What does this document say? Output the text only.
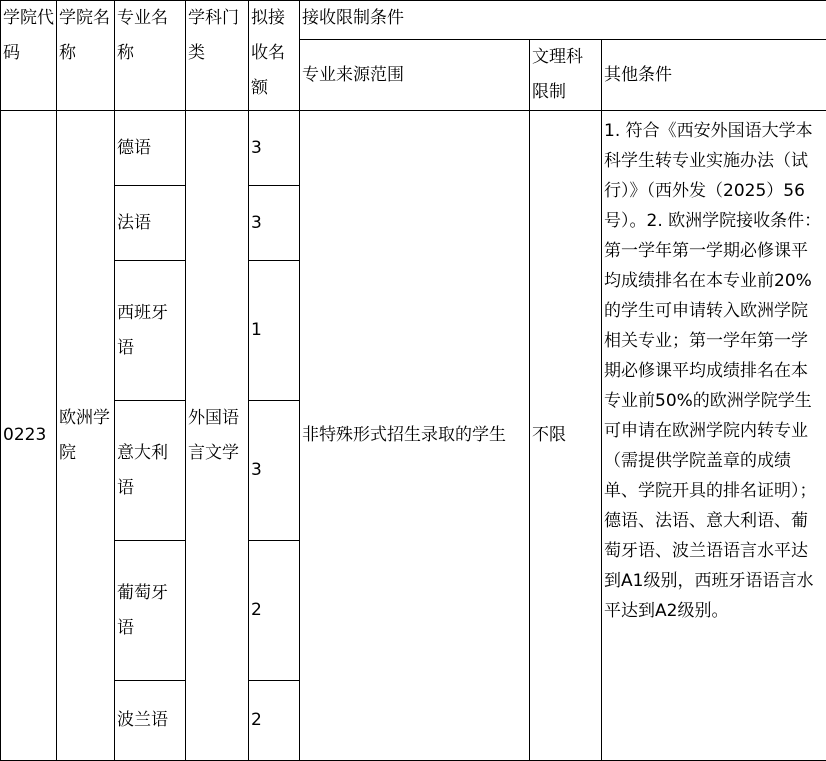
学院代码	学院名称	专业名称	学科门类	拟接收名额	接收限制条件		
					专业来源范围	文理科限制	其他条件
0223	欧洲学院	德语	外国语言文学	3	非特殊形式招生录取的学生	不限	1. 符合《西安外国语大学本科学生转专业实施办法（试行）》（西外发（2025）56号）。2. 欧洲学院接收条件：第一学年第一学期必修课平均成绩排名在本专业前20%的学生可申请转入欧洲学院相关专业；第一学年第一学期必修课平均成绩排名在本专业前50%的欧洲学院学生可申请在欧洲学院内转专业（需提供学院盖章的成绩单、学院开具的排名证明）；德语、法语、意大利语、葡萄牙语、波兰语语言水平达到A1级别，西班牙语语言水平达到A2级别。

		法语		3			
		西班牙语		1			
		意大利语		3			
		葡萄牙语		2			
		波兰语		2			
